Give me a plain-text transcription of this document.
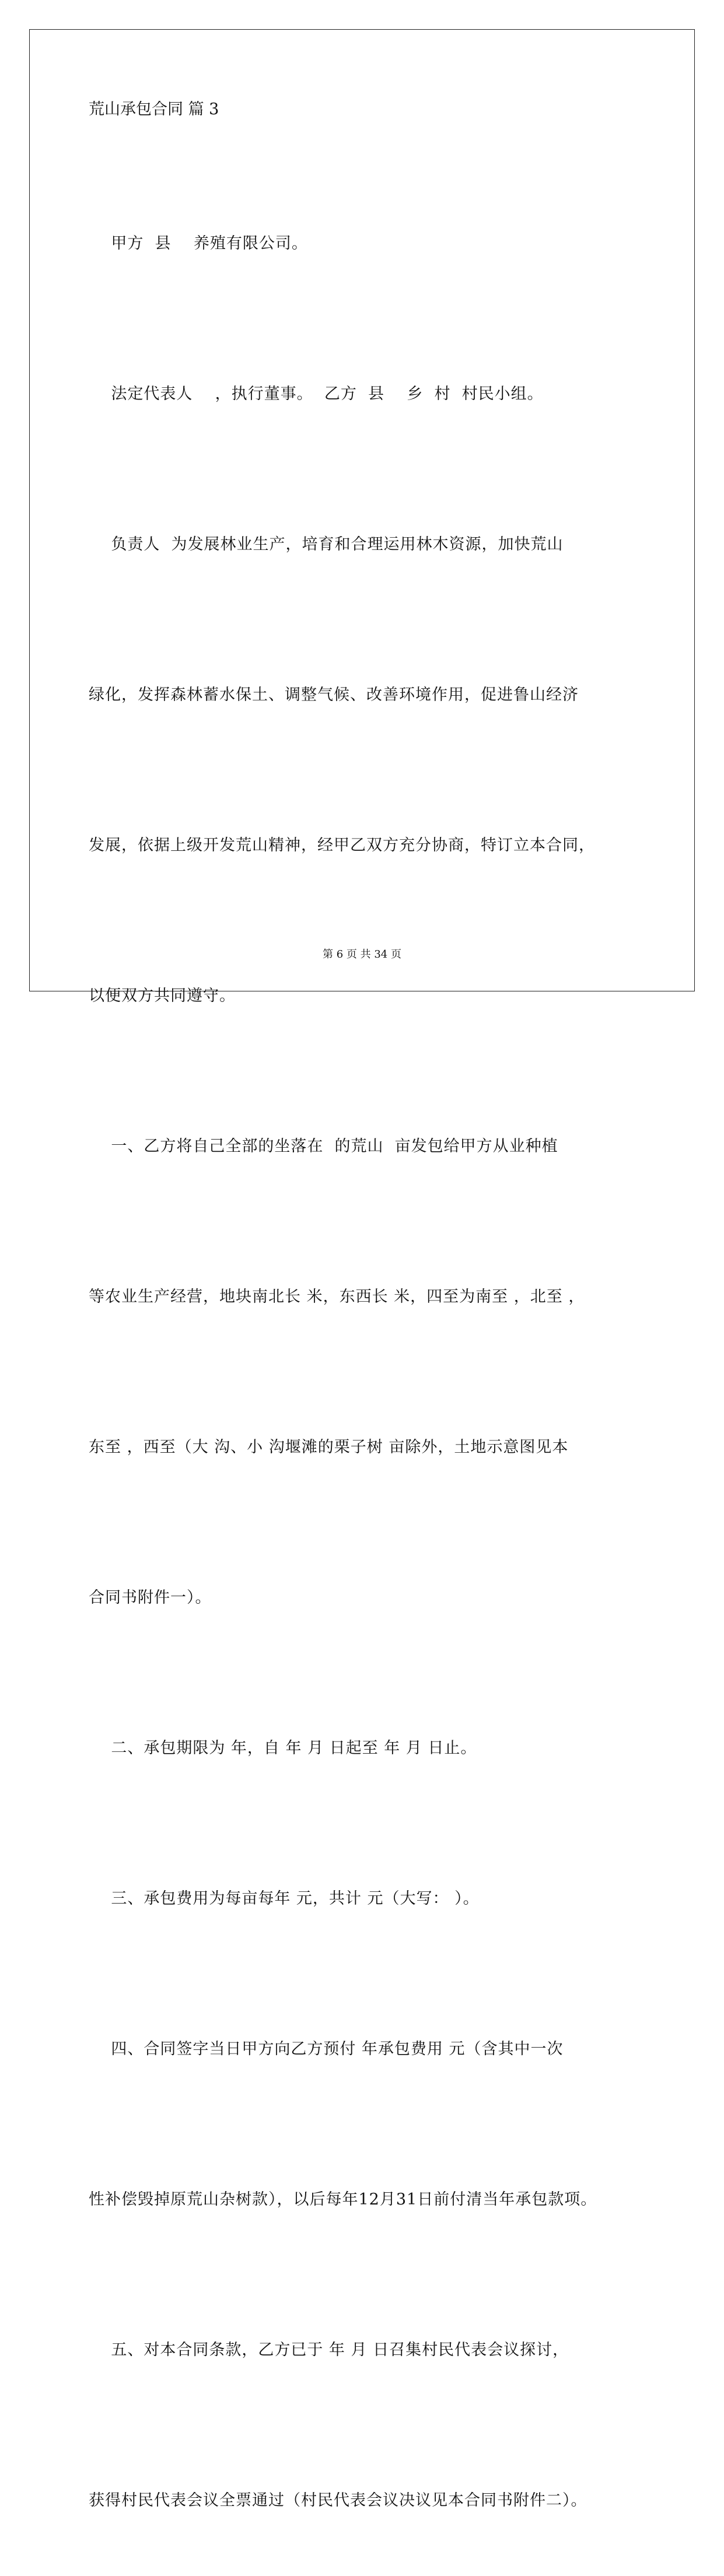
荒山承包合同 篇 3

甲方  县    养殖有限公司。

法定代表人    ，执行董事。  乙方  县    乡  村  村民小组。

负责人  为发展林业生产，培育和合理运用林木资源，加快荒山

绿化，发挥森林蓄水保土、调整气候、改善环境作用，促进鲁山经济

发展，依据上级开发荒山精神，经甲乙双方充分协商，特订立本合同，

以便双方共同遵守。

一、乙方将自己全部的坐落在  的荒山  亩发包给甲方从业种植

等农业生产经营，地块南北长 米，东西长 米，四至为南至 ，北至 ，

东至 ，西至（大 沟、小 沟堰滩的栗子树 亩除外，土地示意图见本

合同书附件一）。

二、承包期限为 年，自 年 月 日起至 年 月 日止。

三、承包费用为每亩每年 元，共计 元（大写： ）。

四、合同签字当日甲方向乙方预付 年承包费用 元（含其中一次

性补偿毁掉原荒山杂树款），以后每年12月31日前付清当年承包款项。

五、对本合同条款，乙方已于 年 月 日召集村民代表会议探讨，

获得村民代表会议全票通过（村民代表会议决议见本合同书附件二）。

第 6 页 共 34 页
